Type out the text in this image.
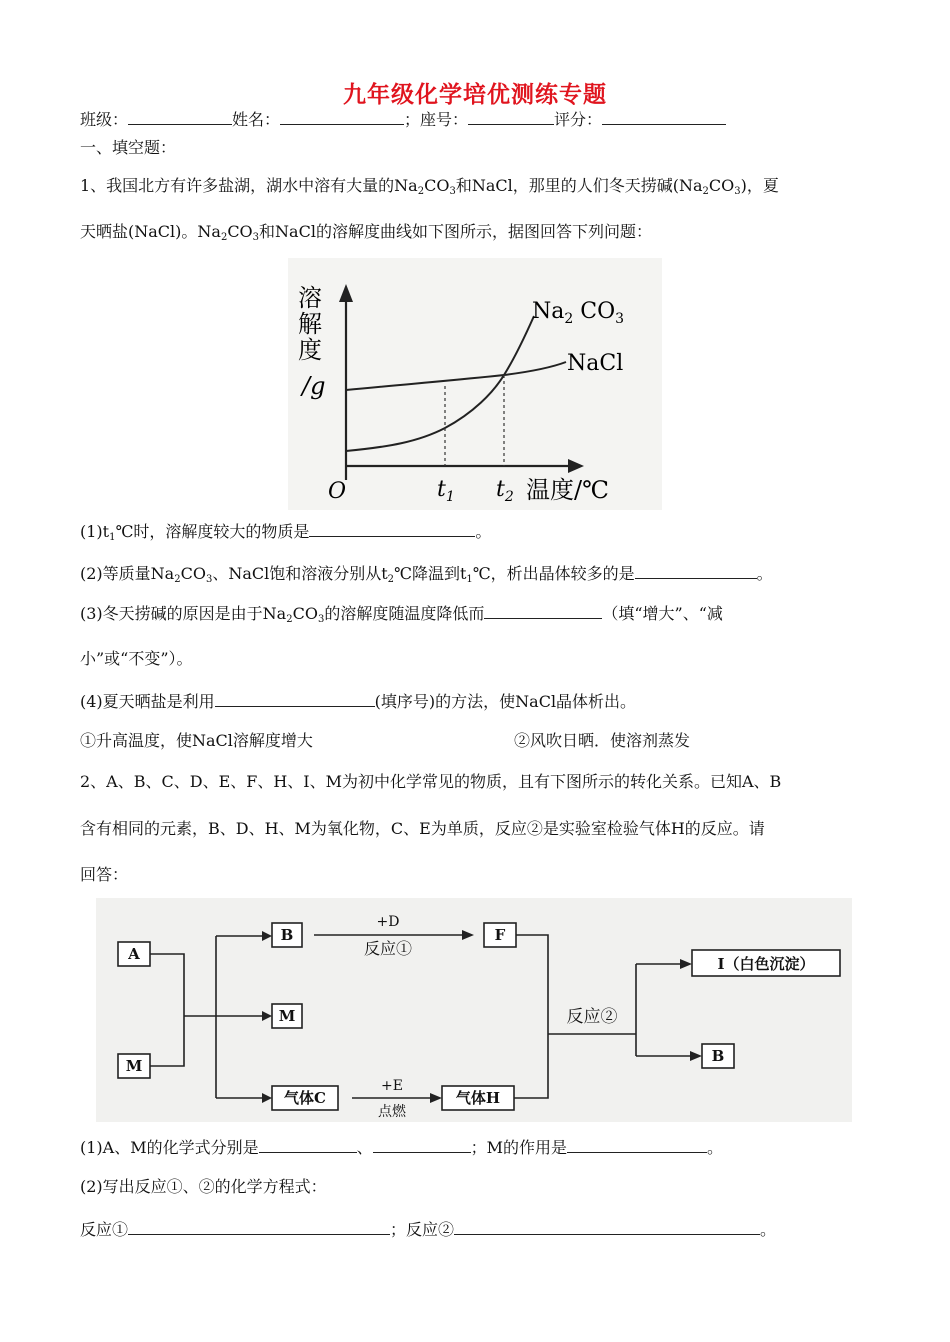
九年级化学培优测练专题
班级：	姓名：	；座号：	评分：
一、填空题：
1、我国北方有许多盐湖，湖水中溶有大量的$Na_2CO_3$和NaCl，那里的人们冬天捞碱$(Na_2CO_3)$，夏
天晒盐(NaCl)。$Na_2CO_3$和NaCl的溶解度曲线如下图所示，据图回答下列问题：
溶
解
度
/g
O	$t_1$ $t_2$ 温度/℃
$Na_2$ $CO_3$
NaCl
$(1)t_1℃$时，溶解度较大的物质是	。
(2)等质量$Na_2CO_3$、NaCl饱和溶液分别从$t_2℃$降温到$t_1℃$，析出晶体较多的是	。
(3)冬天捞碱的原因是由于$Na_2CO_3$的溶解度随温度降低而	（填“增大”、“减
小”或“不变”）。
(4)夏天晒盐是利用	(填序号)的方法，使NaCl晶体析出。
①升高温度，使NaCl溶解度增大	②风吹日晒．使溶剂蒸发
2、A、B、C、D、E、F、H、I、M为初中化学常见的物质，且有下图所示的转化关系。已知A、B
含有相同的元素，B、D、H、M为氧化物，C、E为单质，反应②是实验室检验气体H的反应。请
回答：
A
M
B
M
气体C
F
气体H
I（白色沉淀）
B
+D
反应①
+E
点燃
反应②
(1)A、M的化学式分别是	、	；M的作用是	。
(2)写出反应①、②的化学方程式：
反应①	；反应②	。
